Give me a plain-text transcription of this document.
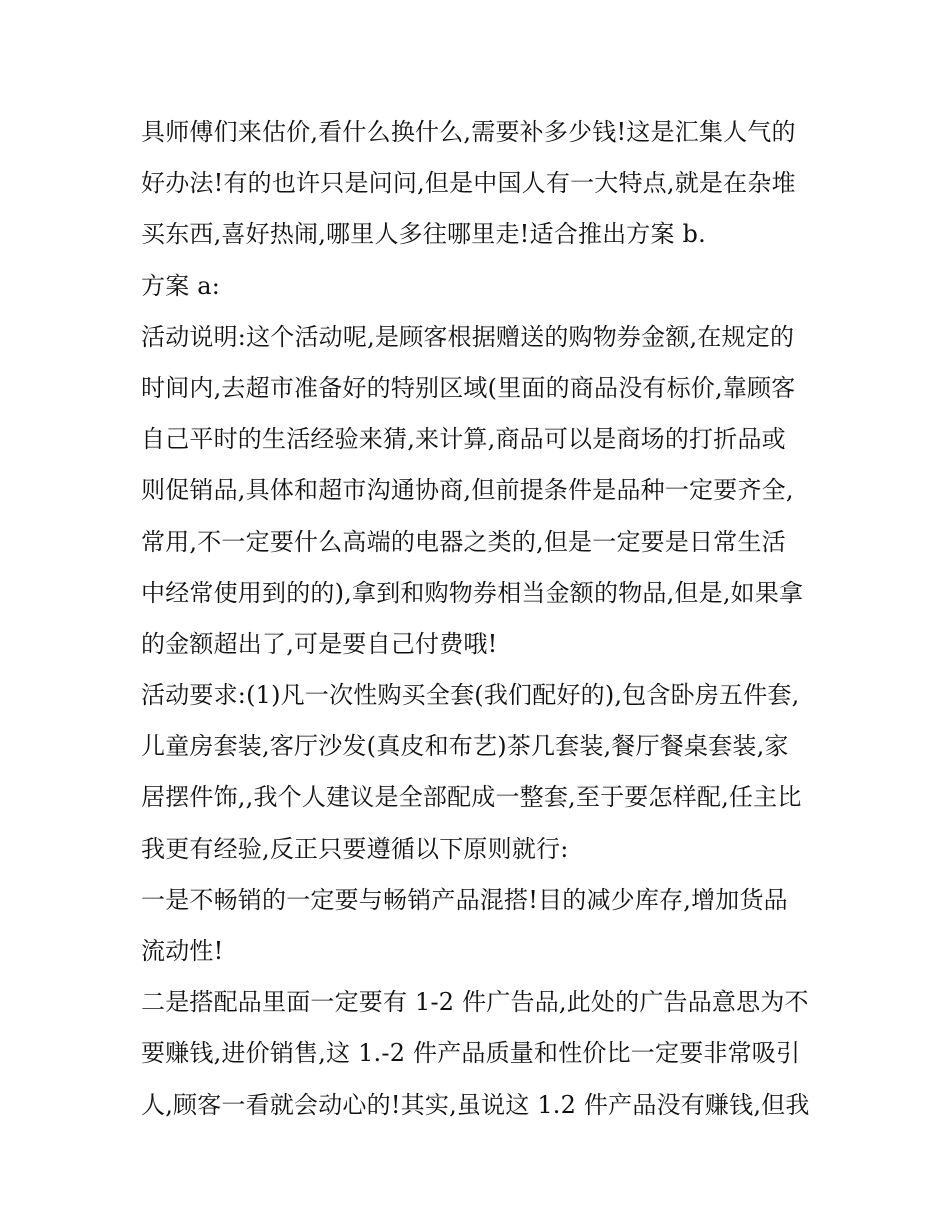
具师傅们来估价,看什么换什么,需要补多少钱!这是汇集人气的
好办法!有的也许只是问问,但是中国人有一大特点,就是在杂堆
买东西,喜好热闹,哪里人多往哪里走!适合推出方案 b.
方案 a:
活动说明:这个活动呢,是顾客根据赠送的购物券金额,在规定的
时间内,去超市准备好的特别区域(里面的商品没有标价,靠顾客
自己平时的生活经验来猜,来计算,商品可以是商场的打折品或
则促销品,具体和超市沟通协商,但前提条件是品种一定要齐全,
常用,不一定要什么高端的电器之类的,但是一定要是日常生活
中经常使用到的的),拿到和购物券相当金额的物品,但是,如果拿
的金额超出了,可是要自己付费哦!
活动要求:(1)凡一次性购买全套(我们配好的),包含卧房五件套,
儿童房套装,客厅沙发(真皮和布艺)茶几套装,餐厅餐桌套装,家
居摆件饰,,我个人建议是全部配成一整套,至于要怎样配,任主比
我更有经验,反正只要遵循以下原则就行:
一是不畅销的一定要与畅销产品混搭!目的减少库存,增加货品
流动性!
二是搭配品里面一定要有 1-2 件广告品,此处的广告品意思为不
要赚钱,进价销售,这 1.-2 件产品质量和性价比一定要非常吸引
人,顾客一看就会动心的!其实,虽说这 1.2 件产品没有赚钱,但我
